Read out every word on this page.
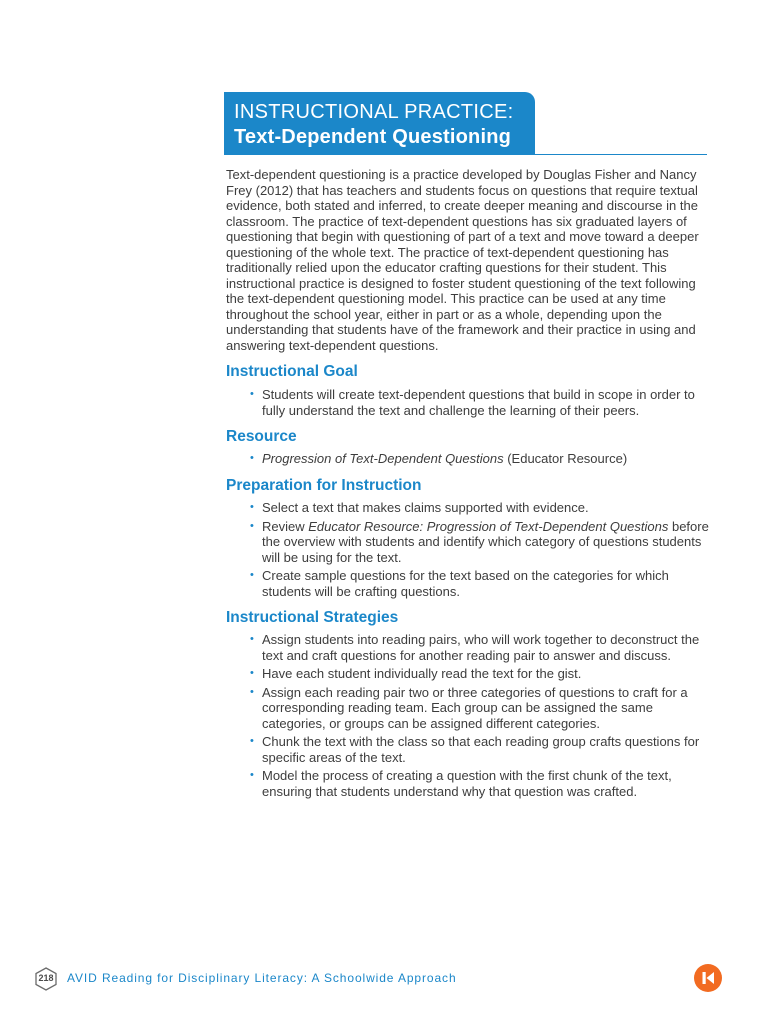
INSTRUCTIONAL PRACTICE:
Text-Dependent Questioning

Text-dependent questioning is a practice developed by Douglas Fisher and Nancy Frey (2012) that has teachers and students focus on questions that require textual evidence, both stated and inferred, to create deeper meaning and discourse in the classroom. The practice of text-dependent questions has six graduated layers of questioning that begin with questioning of part of a text and move toward a deeper questioning of the whole text. The practice of text-dependent questioning has traditionally relied upon the educator crafting questions for their student. This instructional practice is designed to foster student questioning of the text following the text-dependent questioning model. This practice can be used at any time throughout the school year, either in part or as a whole, depending upon the understanding that students have of the framework and their practice in using and answering text-dependent questions.

Instructional Goal
• Students will create text-dependent questions that build in scope in order to fully understand the text and challenge the learning of their peers.
Resource
• Progression of Text-Dependent Questions (Educator Resource)
Preparation for Instruction
• Select a text that makes claims supported with evidence.
• Review Educator Resource: Progression of Text-Dependent Questions before the overview with students and identify which category of questions students will be using for the text.
• Create sample questions for the text based on the categories for which students will be crafting questions.
Instructional Strategies
• Assign students into reading pairs, who will work together to deconstruct the text and craft questions for another reading pair to answer and discuss.
• Have each student individually read the text for the gist.
• Assign each reading pair two or three categories of questions to craft for a corresponding reading team. Each group can be assigned the same categories, or groups can be assigned different categories.
• Chunk the text with the class so that each reading group crafts questions for specific areas of the text.
• Model the process of creating a question with the first chunk of the text, ensuring that students understand why that question was crafted.
218	AVID Reading for Disciplinary Literacy: A Schoolwide Approach
